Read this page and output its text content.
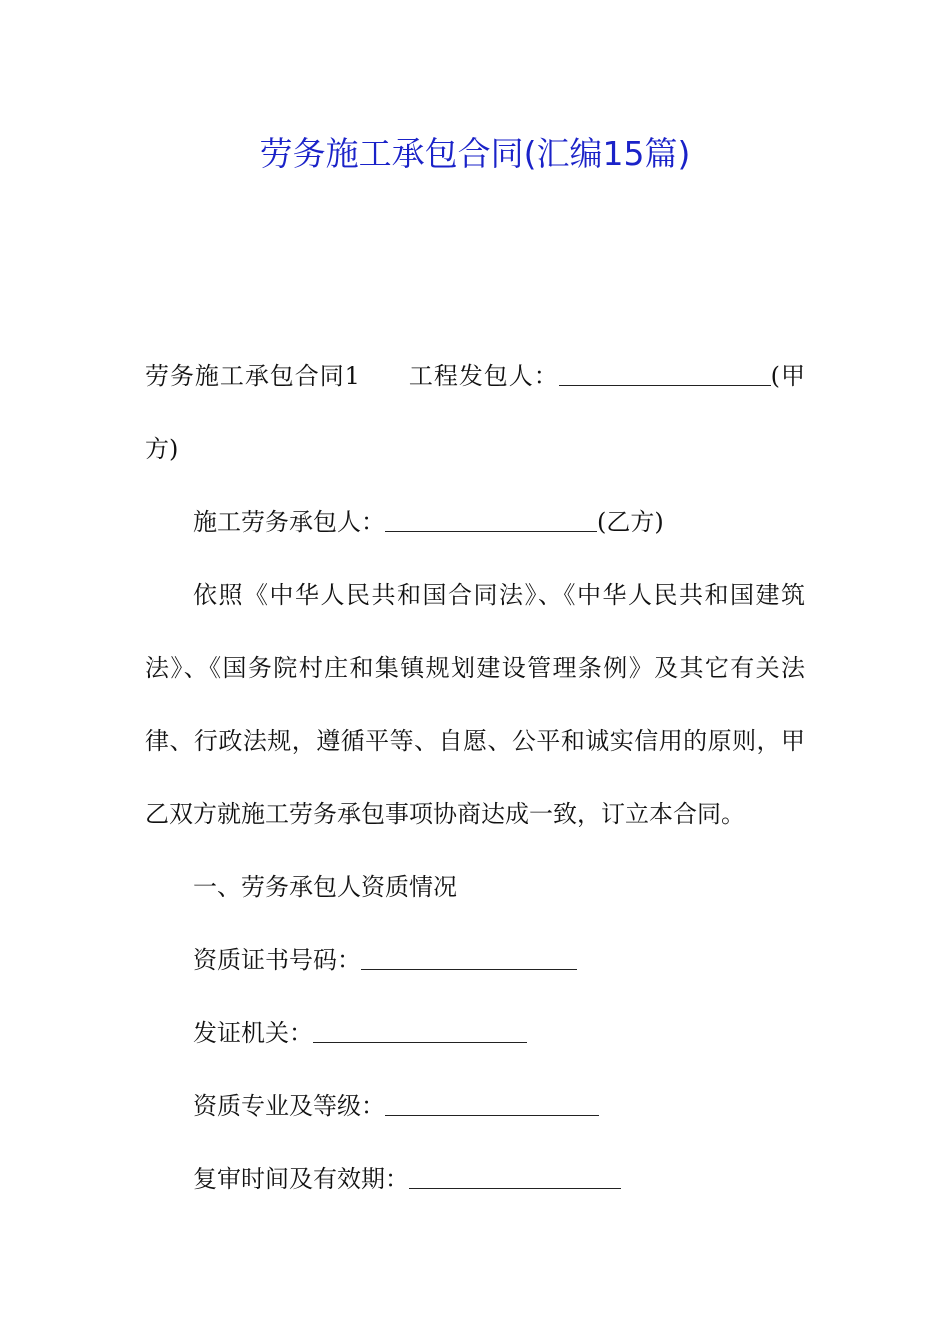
劳务施工承包合同(汇编15篇)

劳务施工承包合同1 工程发包人：	(甲方)

施工劳务承包人：	(乙方)

依照《中华人民共和国合同法》、《中华人民共和国建筑法》、《国务院村庄和集镇规划建设管理条例》及其它有关法律、行政法规，遵循平等、自愿、公平和诚实信用的原则，甲乙双方就施工劳务承包事项协商达成一致，订立本合同。

一、劳务承包人资质情况

资质证书号码：

发证机关：

资质专业及等级：

复审时间及有效期：
